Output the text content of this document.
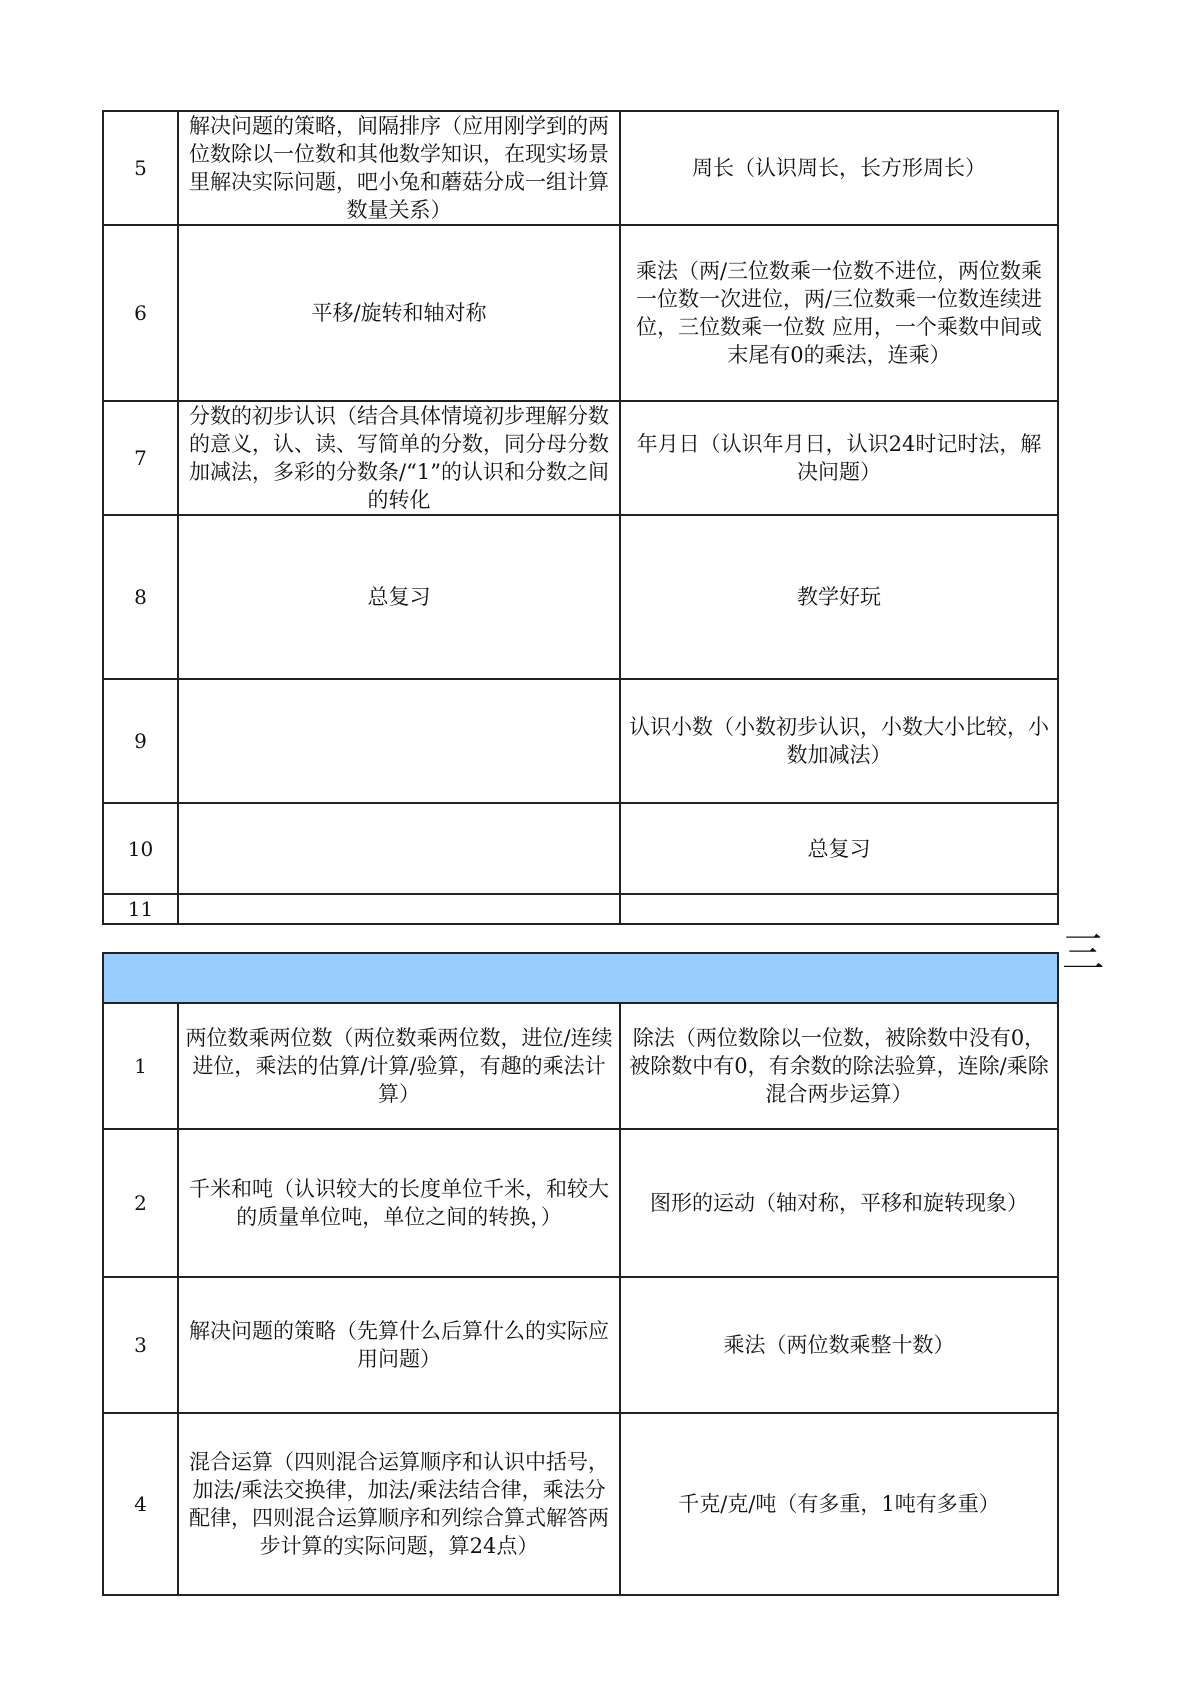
5	解决问题的策略，间隔排序（应用刚学到的两位数除以一位数和其他数学知识，在现实场景里解决实际问题，吧小兔和蘑菇分成一组计算数量关系）	周长（认识周长，长方形周长）
6	平移/旋转和轴对称	乘法（两/三位数乘一位数不进位，两位数乘一位数一次进位，两/三位数乘一位数连续进位，三位数乘一位数 应用，一个乘数中间或末尾有0的乘法，连乘）
7	分数的初步认识（结合具体情境初步理解分数的意义，认、读、写简单的分数，同分母分数加减法，多彩的分数条/“1”的认识和分数之间的转化	年月日（认识年月日，认识24时记时法，解决问题）
8	总复习	教学好玩
9		认识小数（小数初步认识，小数大小比较，小数加减法）
10		总复习
11		
三

1	两位数乘两位数（两位数乘两位数，进位/连续进位，乘法的估算/计算/验算，有趣的乘法计算）	除法（两位数除以一位数，被除数中没有0，被除数中有0，有余数的除法验算，连除/乘除混合两步运算）
2	千米和吨（认识较大的长度单位千米，和较大的质量单位吨，单位之间的转换，）	图形的运动（轴对称，平移和旋转现象）
3	解决问题的策略（先算什么后算什么的实际应用问题）	乘法（两位数乘整十数）
4	混合运算（四则混合运算顺序和认识中括号，加法/乘法交换律，加法/乘法结合律，乘法分配律，四则混合运算顺序和列综合算式解答两步计算的实际问题，算24点）	千克/克/吨（有多重，1吨有多重）
